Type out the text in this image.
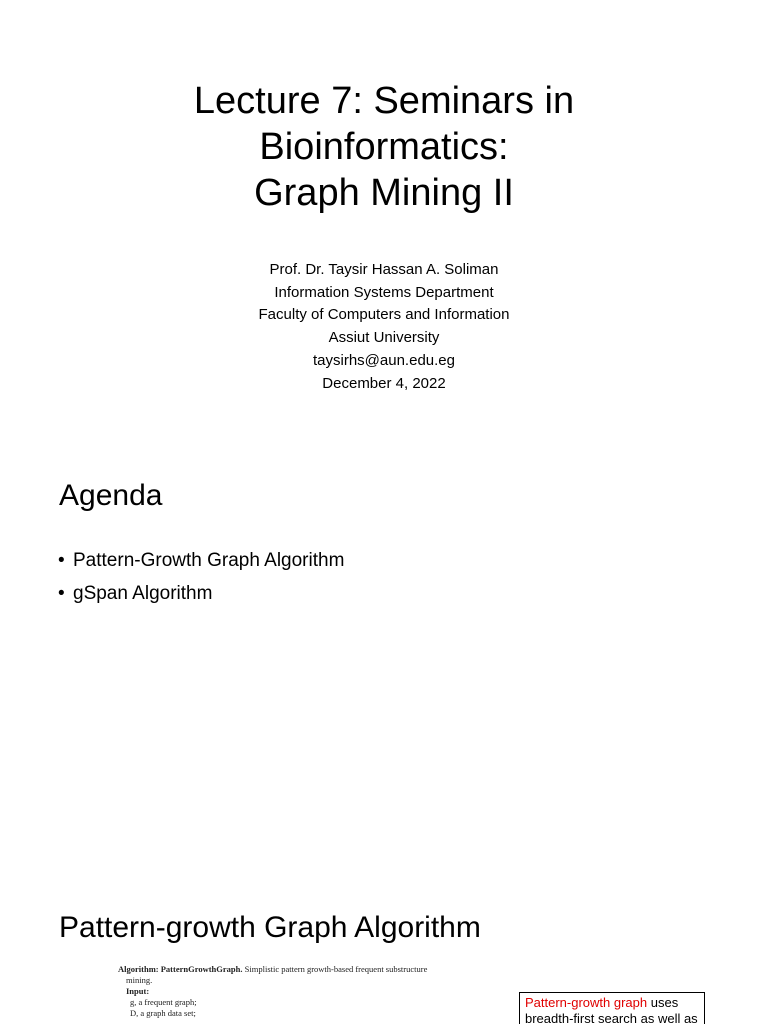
Lecture 7: Seminars in
Bioinformatics:
Graph Mining II
Prof. Dr. Taysir Hassan A. Soliman
Information Systems Department
Faculty of Computers and Information
Assiut University
taysirhs@aun.edu.eg
December 4, 2022
Agenda
• Pattern-Growth Graph Algorithm
• gSpan Algorithm
Pattern-growth Graph Algorithm
Algorithm: PatternGrowthGraph. Simplistic pattern growth-based frequent substructure
mining.
Input:
g, a frequent graph;
D, a graph data set;
Pattern-growth graph uses
breadth-first search as well as
